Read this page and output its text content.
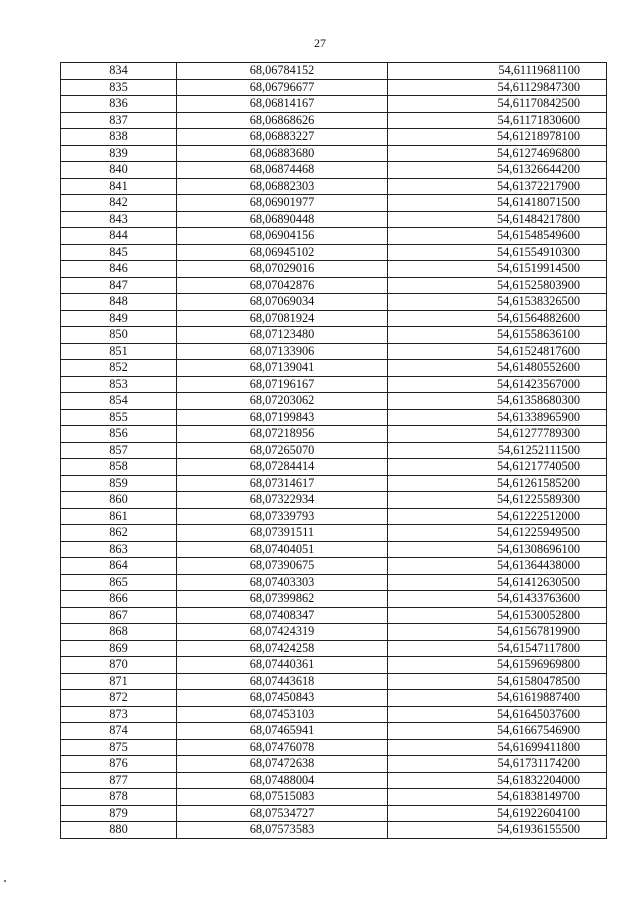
27
834	68,06784152	54,61119681100
835	68,06796677	54,61129847300
836	68,06814167	54,61170842500
837	68,06868626	54,61171830600
838	68,06883227	54,61218978100
839	68,06883680	54,61274696800
840	68,06874468	54,61326644200
841	68,06882303	54,61372217900
842	68,06901977	54,61418071500
843	68,06890448	54,61484217800
844	68,06904156	54,61548549600
845	68,06945102	54,61554910300
846	68,07029016	54,61519914500
847	68,07042876	54,61525803900
848	68,07069034	54,61538326500
849	68,07081924	54,61564882600
850	68,07123480	54,61558636100
851	68,07133906	54,61524817600
852	68,07139041	54,61480552600
853	68,07196167	54,61423567000
854	68,07203062	54,61358680300
855	68,07199843	54,61338965900
856	68,07218956	54,61277789300
857	68,07265070	54,61252111500
858	68,07284414	54,61217740500
859	68,07314617	54,61261585200
860	68,07322934	54,61225589300
861	68,07339793	54,61222512000
862	68,07391511	54,61225949500
863	68,07404051	54,61308696100
864	68,07390675	54,61364438000
865	68,07403303	54,61412630500
866	68,07399862	54,61433763600
867	68,07408347	54,61530052800
868	68,07424319	54,61567819900
869	68,07424258	54,61547117800
870	68,07440361	54,61596969800
871	68,07443618	54,61580478500
872	68,07450843	54,61619887400
873	68,07453103	54,61645037600
874	68,07465941	54,61667546900
875	68,07476078	54,61699411800
876	68,07472638	54,61731174200
877	68,07488004	54,61832204000
878	68,07515083	54,61838149700
879	68,07534727	54,61922604100
880	68,07573583	54,61936155500
